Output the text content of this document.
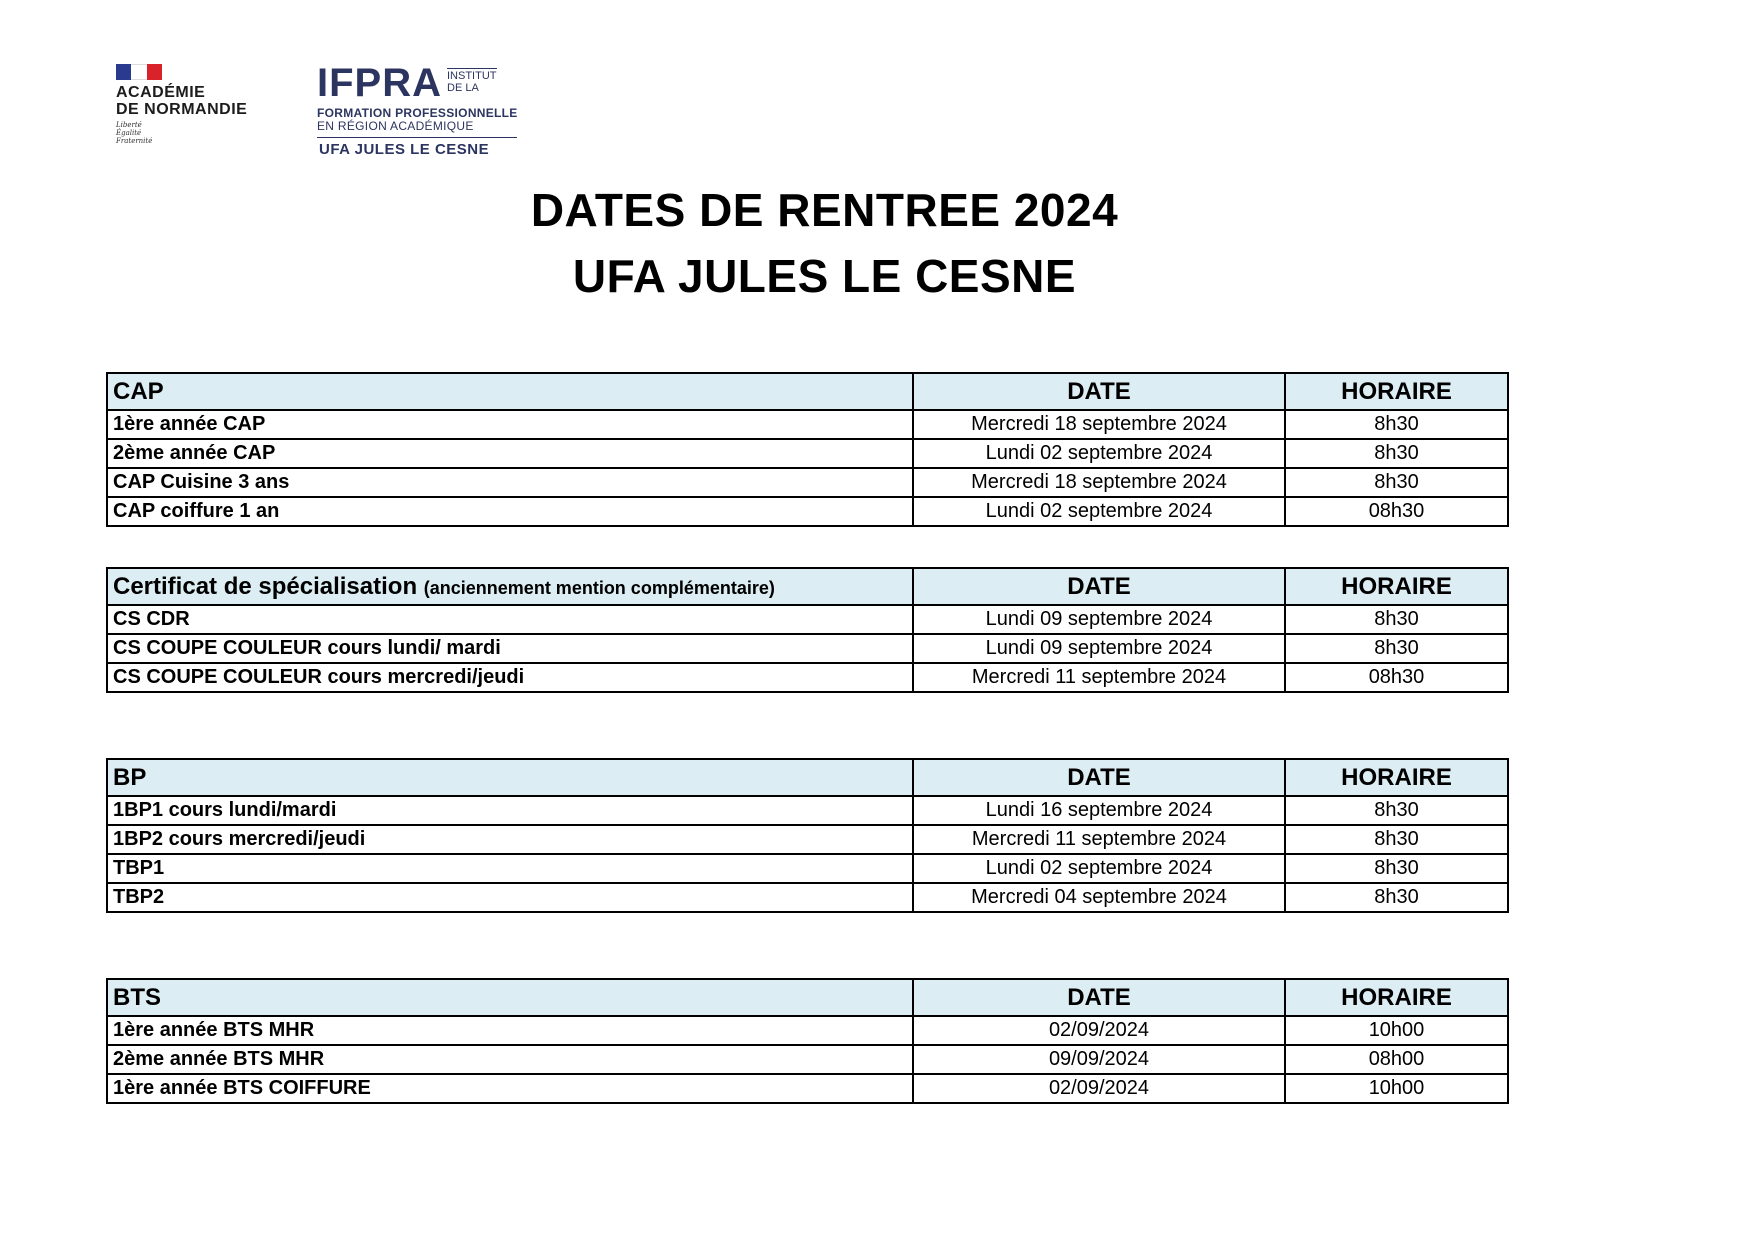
ACADÉMIE
DE NORMANDIE
Liberté
Égalité
Fraternité
IFPRA INSTITUT
DE LA
FORMATION PROFESSIONNELLE
EN RÉGION ACADÉMIQUE
UFA JULES LE CESNE
DATES DE RENTREE 2024
UFA JULES LE CESNE
CAP	DATE	HORAIRE
1ère année CAP	Mercredi 18 septembre 2024	8h30
2ème année CAP	Lundi 02 septembre 2024	8h30
CAP Cuisine 3 ans	Mercredi 18 septembre 2024	8h30
CAP coiffure 1 an	Lundi 02 septembre 2024	08h30
Certificat de spécialisation (anciennement mention complémentaire)	DATE	HORAIRE
CS CDR	Lundi 09 septembre 2024	8h30
CS COUPE COULEUR cours lundi/ mardi	Lundi 09 septembre 2024	8h30
CS COUPE COULEUR cours mercredi/jeudi	Mercredi 11 septembre 2024	08h30
BP	DATE	HORAIRE
1BP1 cours lundi/mardi	Lundi 16 septembre 2024	8h30
1BP2 cours mercredi/jeudi	Mercredi 11 septembre 2024	8h30
TBP1	Lundi 02 septembre 2024	8h30
TBP2	Mercredi 04 septembre 2024	8h30
BTS	DATE	HORAIRE
1ère année BTS MHR	02/09/2024	10h00
2ème année BTS MHR	09/09/2024	08h00
1ère année BTS COIFFURE	02/09/2024	10h00
